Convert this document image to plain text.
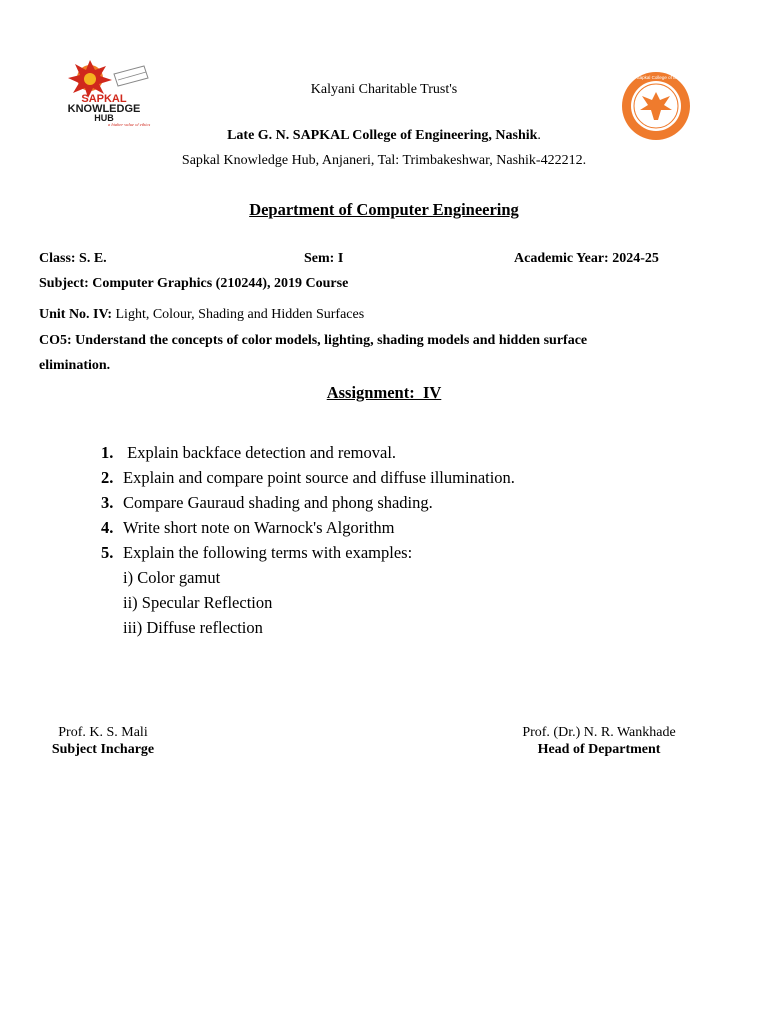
SAPKAL
KNOWLEDGE
HUB
a higher value of ethics
Late G. N. Sapkal College of Engineering
Kalyani Charitable Trust's
Late G. N. SAPKAL College of Engineering, Nashik.
Sapkal Knowledge Hub, Anjaneri, Tal: Trimbakeshwar, Nashik-422212.
Department of Computer Engineering
Class: S. E.	Sem: I	Academic Year: 2024-25
Subject: Computer Graphics (210244), 2019 Course
Unit No. IV: Light, Colour, Shading and Hidden Surfaces
CO5: Understand the concepts of color models, lighting, shading models and hidden surface
elimination.
Assignment:  IV
1. Explain backface detection and removal.
2. Explain and compare point source and diffuse illumination.
3. Compare Gauraud shading and phong shading.
4. Write short note on Warnock's Algorithm
5. Explain the following terms with examples:
i) Color gamut
ii) Specular Reflection
iii) Diffuse reflection
Prof. K. S. Mali
Subject Incharge
Prof. (Dr.) N. R. Wankhade
Head of Department
